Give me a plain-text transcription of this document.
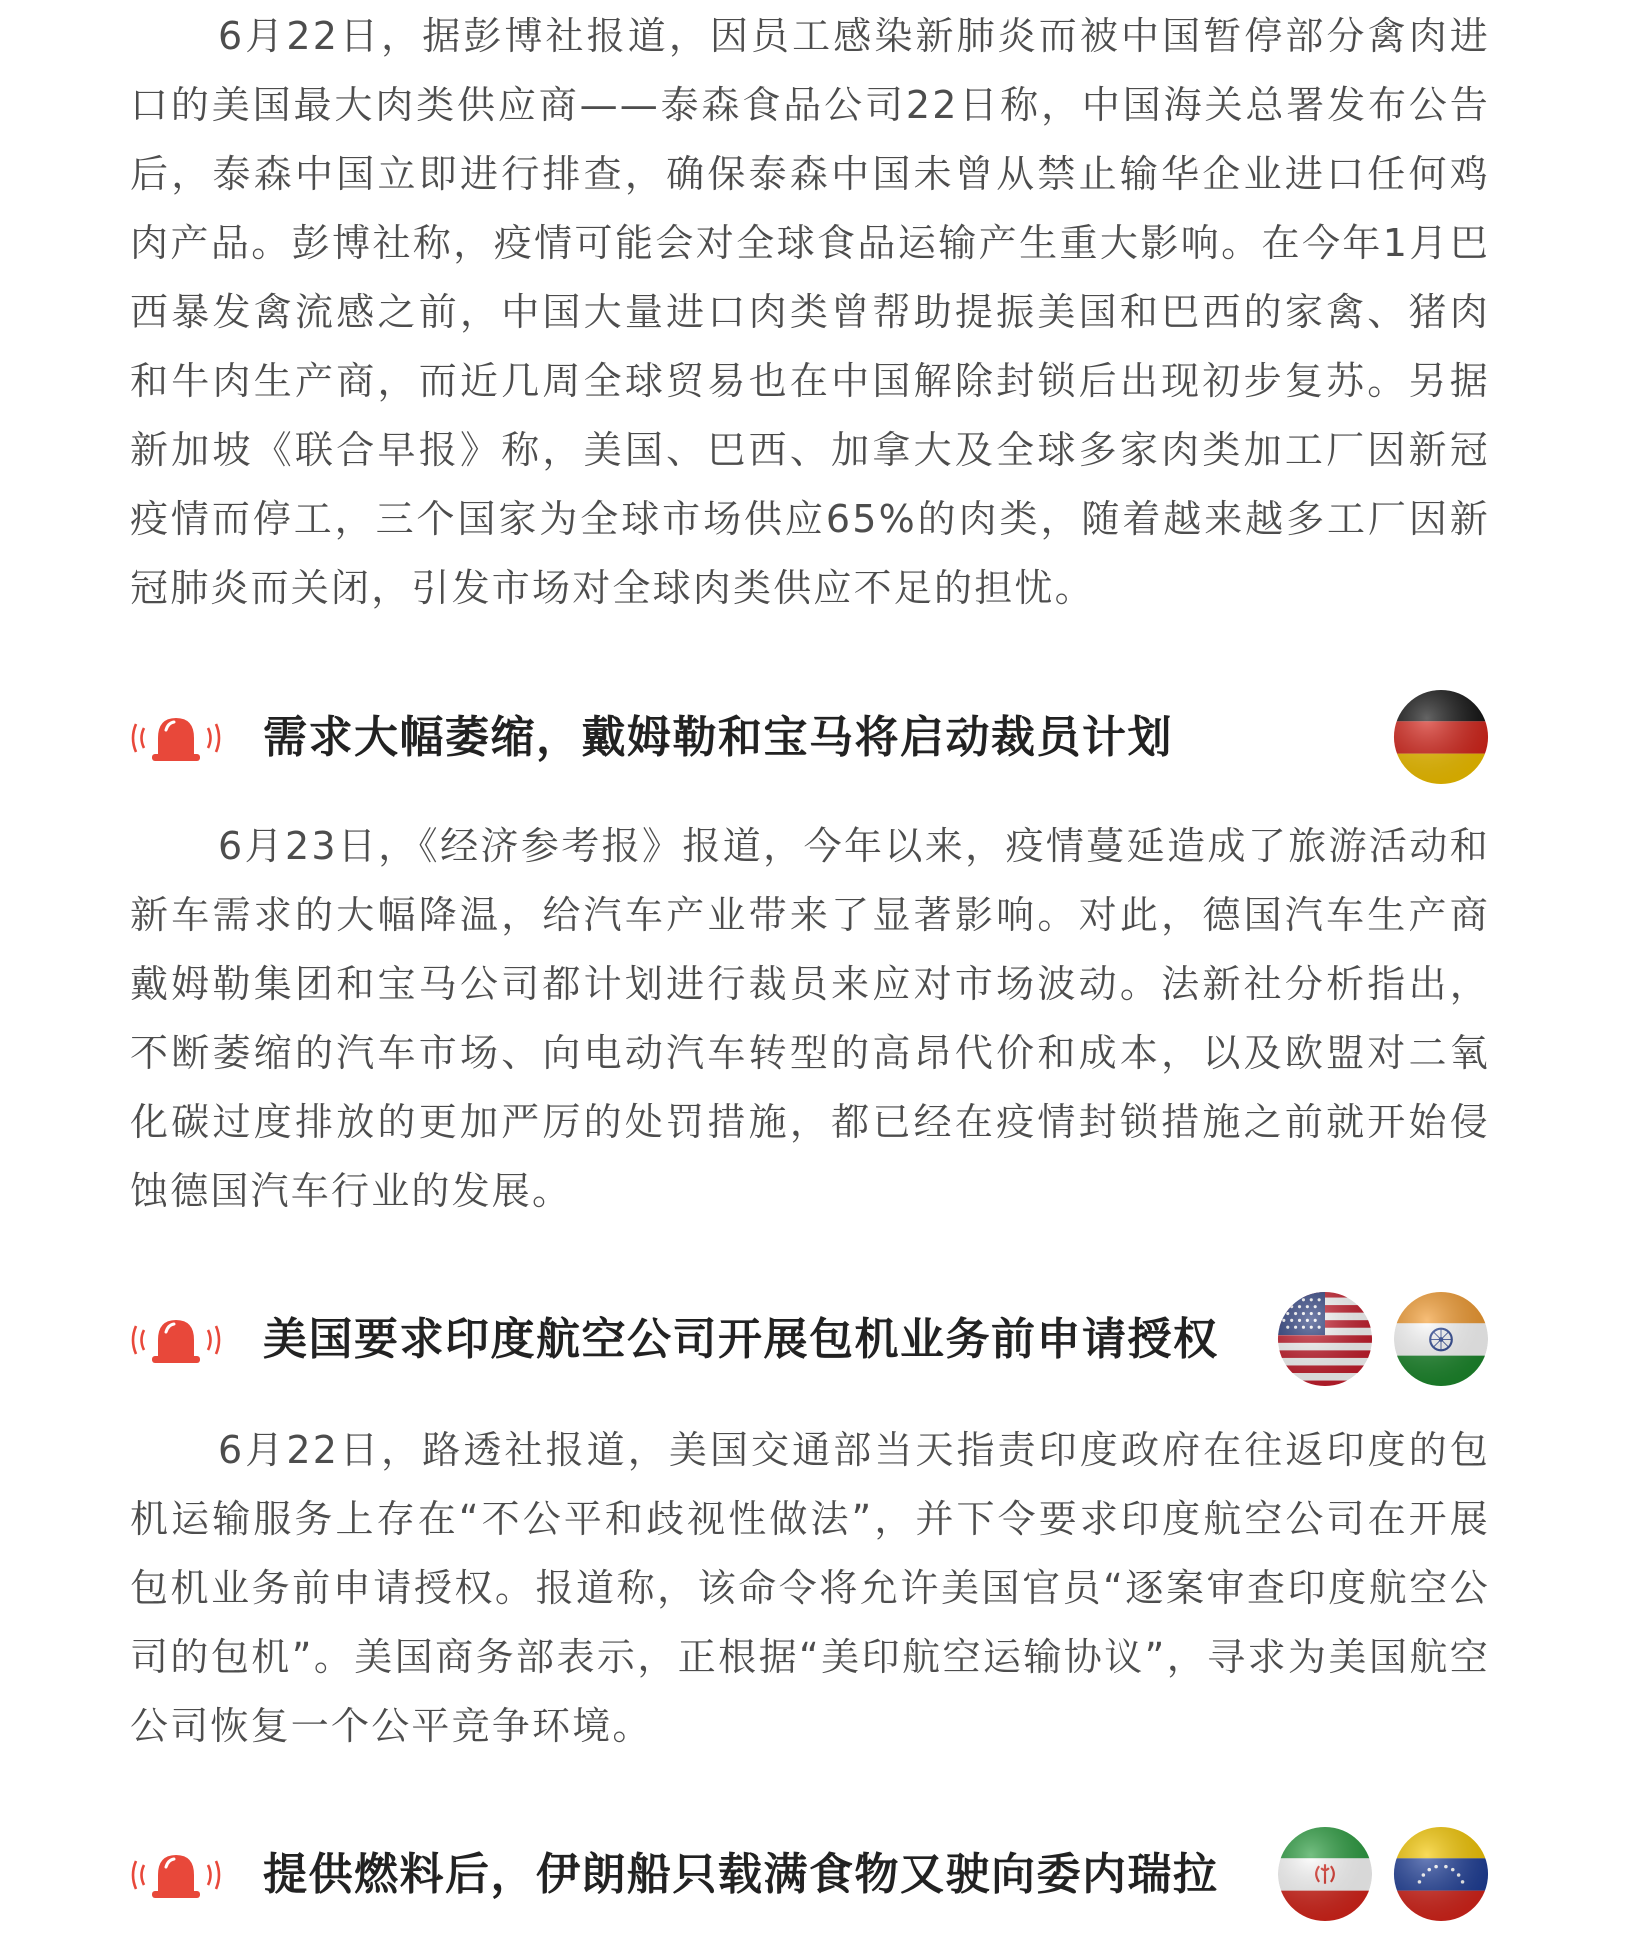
6月22日，据彭博社报道，因员工感染新肺炎而被中国暂停部分禽肉进口的美国最大肉类供应商——泰森食品公司22日称，中国海关总署发布公告后，泰森中国立即进行排查，确保泰森中国未曾从禁止输华企业进口任何鸡肉产品。彭博社称，疫情可能会对全球食品运输产生重大影响。在今年1月巴西暴发禽流感之前，中国大量进口肉类曾帮助提振美国和巴西的家禽、猪肉和牛肉生产商，而近几周全球贸易也在中国解除封锁后出现初步复苏。另据新加坡《联合早报》称，美国、巴西、加拿大及全球多家肉类加工厂因新冠疫情而停工，三个国家为全球市场供应65%的肉类，随着越来越多工厂因新冠肺炎而关闭，引发市场对全球肉类供应不足的担忧。

需求大幅萎缩，戴姆勒和宝马将启动裁员计划

6月23日，《经济参考报》报道，今年以来，疫情蔓延造成了旅游活动和新车需求的大幅降温，给汽车产业带来了显著影响。对此，德国汽车生产商戴姆勒集团和宝马公司都计划进行裁员来应对市场波动。法新社分析指出，不断萎缩的汽车市场、向电动汽车转型的高昂代价和成本，以及欧盟对二氧化碳过度排放的更加严厉的处罚措施，都已经在疫情封锁措施之前就开始侵蚀德国汽车行业的发展。

美国要求印度航空公司开展包机业务前申请授权

6月22日，路透社报道，美国交通部当天指责印度政府在往返印度的包机运输服务上存在“不公平和歧视性做法”，并下令要求印度航空公司在开展包机业务前申请授权。报道称，该命令将允许美国官员“逐案审查印度航空公司的包机”。美国商务部表示，正根据“美印航空运输协议”，寻求为美国航空公司恢复一个公平竞争环境。

提供燃料后，伊朗船只载满食物又驶向委内瑞拉
